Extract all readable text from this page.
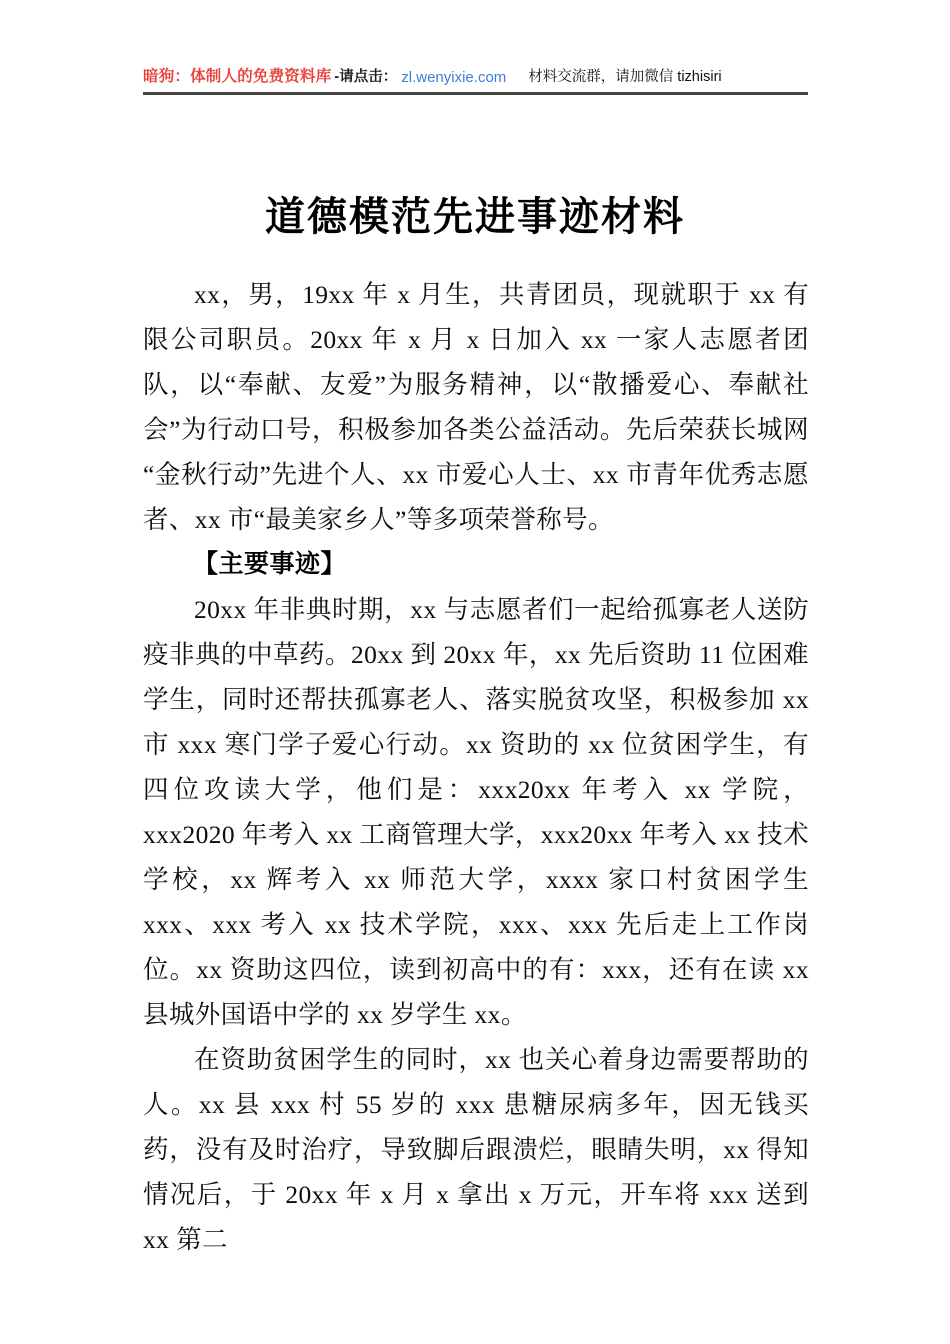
暗狗：体制人的免费资料库 -请点击： zl.wenyixie.com 材料交流群，请加微信 tizhisiri
道德模范先进事迹材料

xx，男，19xx 年 x 月生，共青团员，现就职于 xx 有限公司职员。20xx 年 x 月 x 日加入 xx 一家人志愿者团队，以“奉献、友爱”为服务精神，以“散播爱心、奉献社会”为行动口号，积极参加各类公益活动。先后荣获长城网“金秋行动”先进个人、xx 市爱心人士、xx 市青年优秀志愿者、xx 市“最美家乡人”等多项荣誉称号。

【主要事迹】

20xx 年非典时期，xx 与志愿者们一起给孤寡老人送防疫非典的中草药。20xx 到 20xx 年，xx 先后资助 11 位困难学生，同时还帮扶孤寡老人、落实脱贫攻坚，积极参加 xx 市 xxx 寒门学子爱心行动。xx 资助的 xx 位贫困学生，有四位攻读大学，他们是：xxx20xx 年考入 xx 学院，xxx2020 年考入 xx 工商管理大学，xxx20xx 年考入 xx 技术学校，xx 辉考入 xx 师范大学，xxxx 家口村贫困学生 xxx、xxx 考入 xx 技术学院，xxx、xxx 先后走上工作岗位。xx 资助这四位，读到初高中的有：xxx，还有在读 xx 县城外国语中学的 xx 岁学生 xx。

在资助贫困学生的同时，xx 也关心着身边需要帮助的人。xx 县 xxx 村 55 岁的 xxx 患糖尿病多年，因无钱买药，没有及时治疗，导致脚后跟溃烂，眼睛失明，xx 得知情况后，于 20xx 年 x 月 x 拿出 x 万元，开车将 xxx 送到 xx 第二
